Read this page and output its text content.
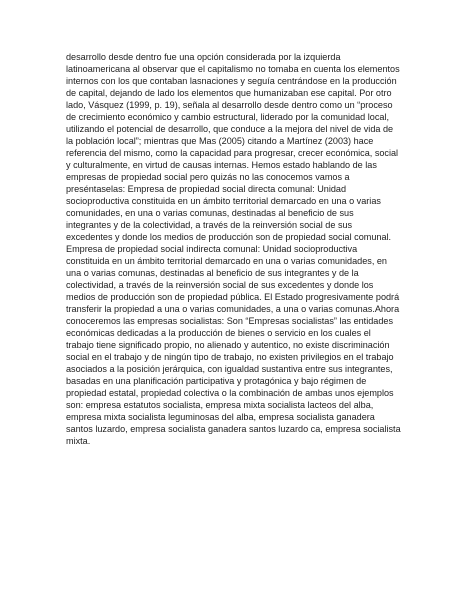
desarrollo desde dentro fue una opción considerada por la izquierda
latinoamericana al observar que el capitalismo no tomaba en cuenta los elementos
internos con los que contaban lasnaciones y seguía centrándose en la producción
de capital, dejando de lado los elementos que humanizaban ese capital. Por otro
lado, Vásquez (1999, p. 19), señala al desarrollo desde dentro como un “proceso
de crecimiento económico y cambio estructural, liderado por la comunidad local,
utilizando el potencial de desarrollo, que conduce a la mejora del nivel de vida de
la población local”; mientras que Mas (2005) citando a Martínez (2003) hace
referencia del mismo, como la capacidad para progresar, crecer económica, social
y culturalmente, en virtud de causas internas. Hemos estado hablando de las
empresas de propiedad social pero quizás no las conocemos vamos a
preséntaselas: Empresa de propiedad social directa comunal: Unidad
socioproductiva constituida en un ámbito territorial demarcado en una o varias
comunidades, en una o varias comunas, destinadas al beneficio de sus
integrantes y de la colectividad, a través de la reinversión social de sus
excedentes y donde los medios de producción son de propiedad social comunal.
Empresa de propiedad social indirecta comunal: Unidad socioproductiva
constituida en un ámbito territorial demarcado en una o varias comunidades, en
una o varias comunas, destinadas al beneficio de sus integrantes y de la
colectividad, a través de la reinversión social de sus excedentes y donde los
medios de producción son de propiedad pública. El Estado progresivamente podrá
transferir la propiedad a una o varias comunidades, a una o varias comunas.Ahora
conoceremos las empresas socialistas: Son “Empresas socialistas” las entidades
económicas dedicadas a la producción de bienes o servicio en los cuales el
trabajo tiene significado propio, no alienado y autentico, no existe discriminación
social en el trabajo y de ningún tipo de trabajo, no existen privilegios en el trabajo
asociados a la posición jerárquica, con igualdad sustantiva entre sus integrantes,
basadas en una planificación participativa y protagónica y bajo régimen de
propiedad estatal, propiedad colectiva o la combinación de ambas unos ejemplos
son: empresa estatutos socialista, empresa mixta socialista lacteos del alba,
empresa mixta socialista leguminosas del alba, empresa socialista ganadera
santos luzardo, empresa socialista ganadera santos luzardo ca, empresa socialista
mixta.
